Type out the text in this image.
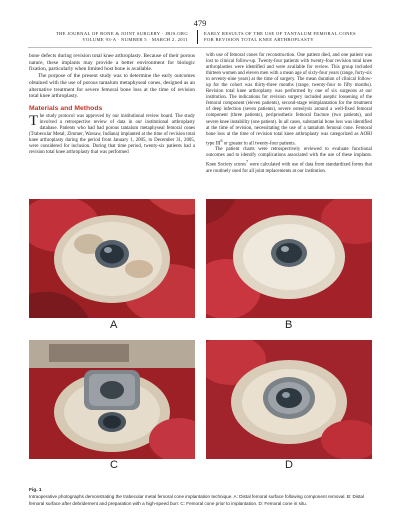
479
THE JOURNAL OF BONE & JOINT SURGERY · JBJS.ORG
VOLUME 93-A · NUMBER 5 · MARCH 2, 2011
EARLY RESULTS OF THE USE OF TANTALUM FEMORAL CONES
FOR REVISION TOTAL KNEE ARTHROPLASTY

bone defects during revision total knee arthroplasty. Because of their porous nature, these implants may provide a better environment for biologic fixation, particularly when limited host bone is available.

The purpose of the present study was to determine the early outcomes obtained with the use of porous tantalum metaphyseal cones, designed as an alternative treatment for severe femoral bone loss at the time of revision total knee arthroplasty.

Materials and Methods

The study protocol was approved by our institutional review board. The study involved a retrospective review of data in our institutional arthroplasty database. Patients who had had porous tantalum metaphyseal femoral cones (Trabecular Metal; Zimmer, Warsaw, Indiana) implanted at the time of revision total knee arthroplasty during the period from January 1, 2005, to December 31, 2005, were considered for inclusion. During that time period, twenty-six patients had a revision total knee arthroplasty that was performed

with use of femoral cones for reconstruction. One patient died, and one patient was lost to clinical follow-up. Twenty-four patients with twenty-four revision total knee arthroplasties were identified and were available for review. This group included thirteen women and eleven men with a mean age of sixty-four years (range, forty-six to seventy-nine years) at the time of surgery. The mean duration of clinical follow-up for the cohort was thirty-three months (range, twenty-four to fifty months). Revision total knee arthroplasty was performed by one of six surgeons at our institution. The indications for revision surgery included aseptic loosening of the femoral component (eleven patients), second-stage reimplantation for the treatment of deep infection (seven patients), severe osteolysis around a well-fixed femoral component (three patients), periprosthetic femoral fracture (two patients), and severe knee instability (one patient). In all cases, substantial bone loss was identified at the time of revision, necessitating the use of a tantalum femoral cone. Femoral bone loss at the time of revision total knee arthroplasty was categorized as AORI type III$^6$ or greater in all twenty-four patients.

The patient charts were retrospectively reviewed to evaluate functional outcomes and to identify complications associated with the use of these implants. Knee Society scores$^7$ were calculated with use of data from standardized forms that are routinely used for all joint replacements at our institution.

A	B
C	D
Fig. 1
Intraoperative photographs demonstrating the trabecular metal femoral cone implantation technique. A: Distal femoral surface following component removal. B: Distal femoral surface after debridement and preparation with a high-speed burr. C: Femoral cone prior to implantation. D: Femoral cone in situ.
